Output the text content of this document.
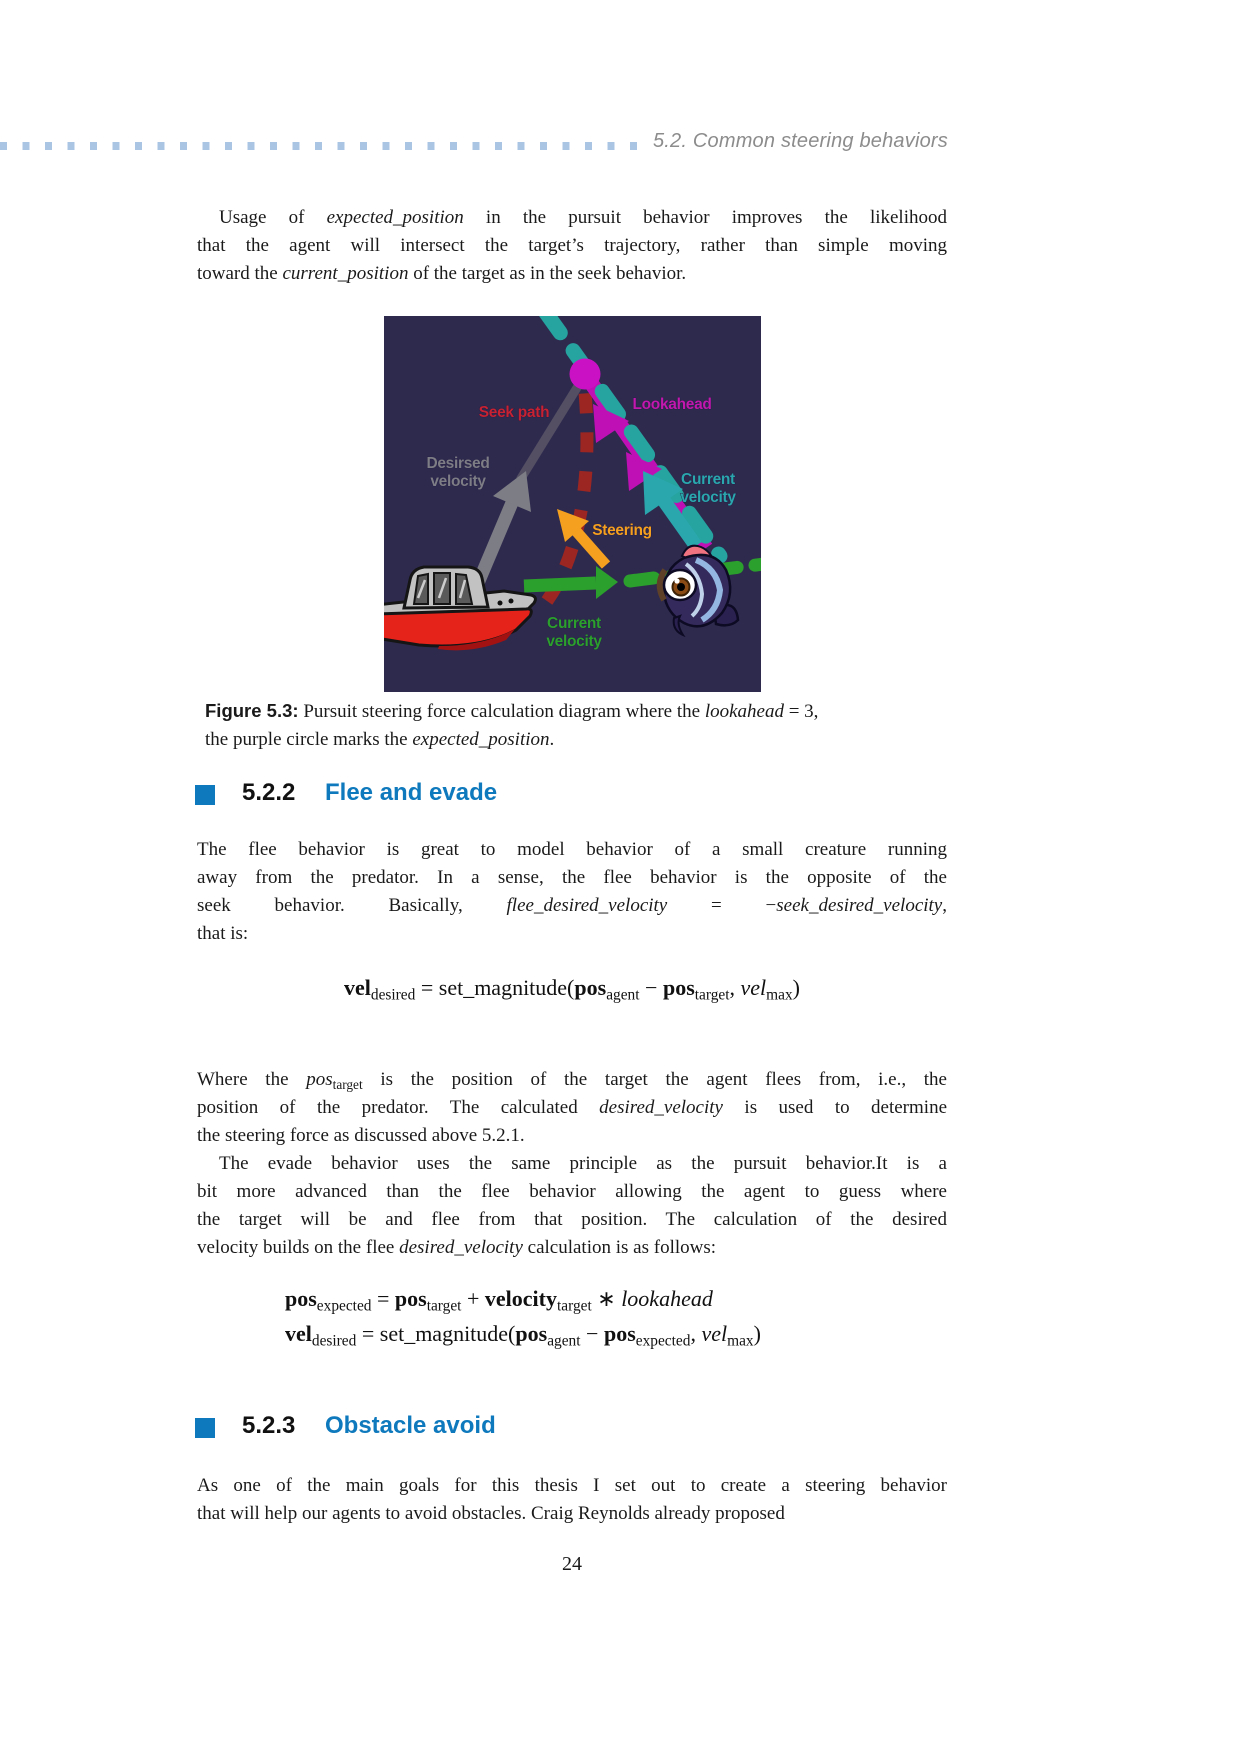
5.2. Common steering behaviors
Usage of expected_position in the pursuit behavior improves the likelihood
that the agent will intersect the target’s trajectory, rather than simple moving
toward the current_position of the target as in the seek behavior.
Seek path	Lookahead
Desirsed
velocity	Current
velocity
Steering
Current
velocity
Figure 5.3: Pursuit steering force calculation diagram where the lookahead = 3,
the purple circle marks the expected_position.
5.2.2 Flee and evade
The flee behavior is great to model behavior of a small creature running
away from the predator. In a sense, the flee behavior is the opposite of the
seek behavior. Basically, flee_desired_velocity = −seek_desired_velocity,
that is:
vel$_{desired}$ = set_magnitude(pos$_{agent}$ − pos$_{target}$, vel$_{max}$)
Where the pos$_{target}$ is the position of the target the agent flees from, i.e., the
position of the predator. The calculated desired_velocity is used to determine
the steering force as discussed above 5.2.1.
The evade behavior uses the same principle as the pursuit behavior.It is a
bit more advanced than the flee behavior allowing the agent to guess where
the target will be and flee from that position. The calculation of the desired
velocity builds on the flee desired_velocity calculation is as follows:
pos$_{expected}$ = pos$_{target}$ + velocity$_{target}$ ∗ lookahead
vel$_{desired}$ = set_magnitude(pos$_{agent}$ − pos$_{expected}$, vel$_{max}$)
5.2.3 Obstacle avoid
As one of the main goals for this thesis I set out to create a steering behavior
that will help our agents to avoid obstacles. Craig Reynolds already proposed
24
